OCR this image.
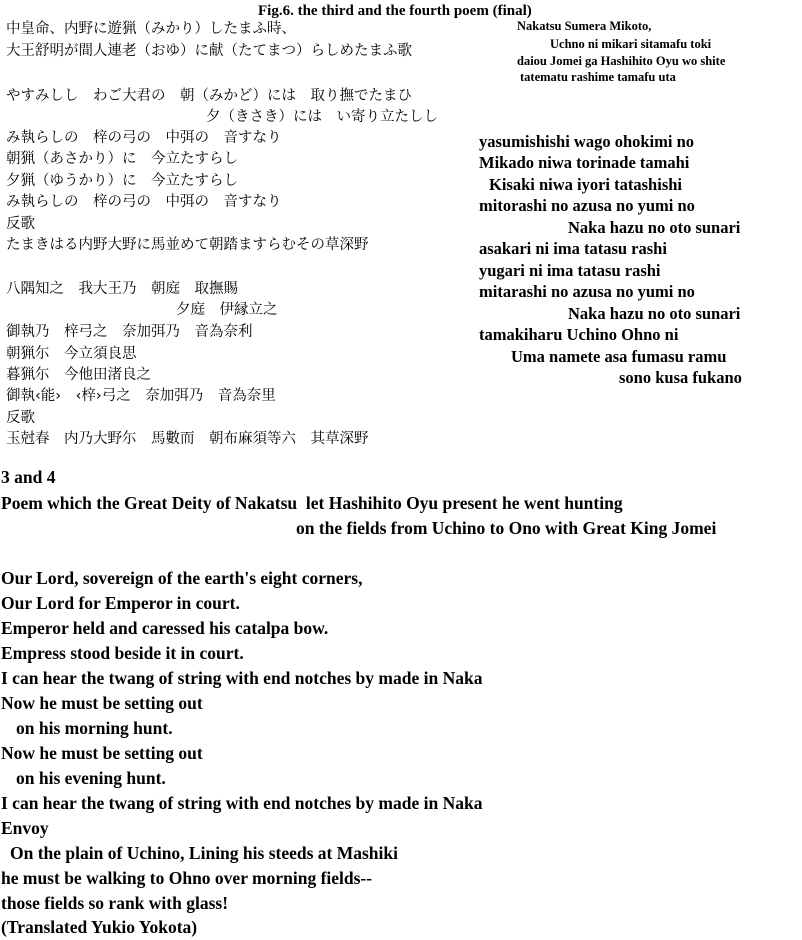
Fig.6. the third and the fourth poem (final)
Nakatsu Sumera Mikoto,
Uchno ni mikari sitamafu toki
daiou Jomei ga Hashihito Oyu wo shite
tatematu rashime tamafu uta
中皇命、内野に遊猟（みかり）したまふ時、
大王舒明が間人連老（おゆ）に献（たてまつ）らしめたまふ歌
やすみしし　わご大君の　朝（みかど）には　取り撫でたまひ
夕（きさき）には　い寄り立たしし
み執らしの　梓の弓の　中弭の　音すなり
朝猟（あさかり）に　今立たすらし
夕猟（ゆうかり）に　今立たすらし
み執らしの　梓の弓の　中弭の　音すなり
反歌
たまきはる内野大野に馬並めて朝踏ますらむその草深野
八隅知之　我大王乃　朝庭　取撫賜
夕庭　伊縁立之
御執乃　梓弓之　奈加弭乃　音為奈利
朝猟尓　今立須良思
暮猟尓　今他田渚良之
御執‹能›　‹梓›弓之　奈加弭乃　音為奈里
反歌
玉尅春　内乃大野尓　馬數而　朝布麻須等六　其草深野
yasumishishi wago ohokimi no
Mikado niwa torinade tamahi
Kisaki niwa iyori tatashishi
mitorashi no azusa no yumi no
Naka hazu no oto sunari
asakari ni ima tatasu rashi
yugari ni ima tatasu rashi
mitarashi no azusa no yumi no
Naka hazu no oto sunari
tamakiharu Uchino Ohno ni
Uma namete asa fumasu ramu
sono kusa fukano
3 and 4
Poem which the Great Deity of Nakatsu  let Hashihito Oyu present he went hunting
on the fields from Uchino to Ono with Great King Jomei
Our Lord, sovereign of the earth's eight corners,
Our Lord for Emperor in court.
Emperor held and caressed his catalpa bow.
Empress stood beside it in court.
I can hear the twang of string with end notches by made in Naka
Now he must be setting out
on his morning hunt.
Now he must be setting out
on his evening hunt.
I can hear the twang of string with end notches by made in Naka
Envoy
On the plain of Uchino, Lining his steeds at Mashiki
he must be walking to Ohno over morning fields--
those fields so rank with glass!
(Translated Yukio Yokota)
